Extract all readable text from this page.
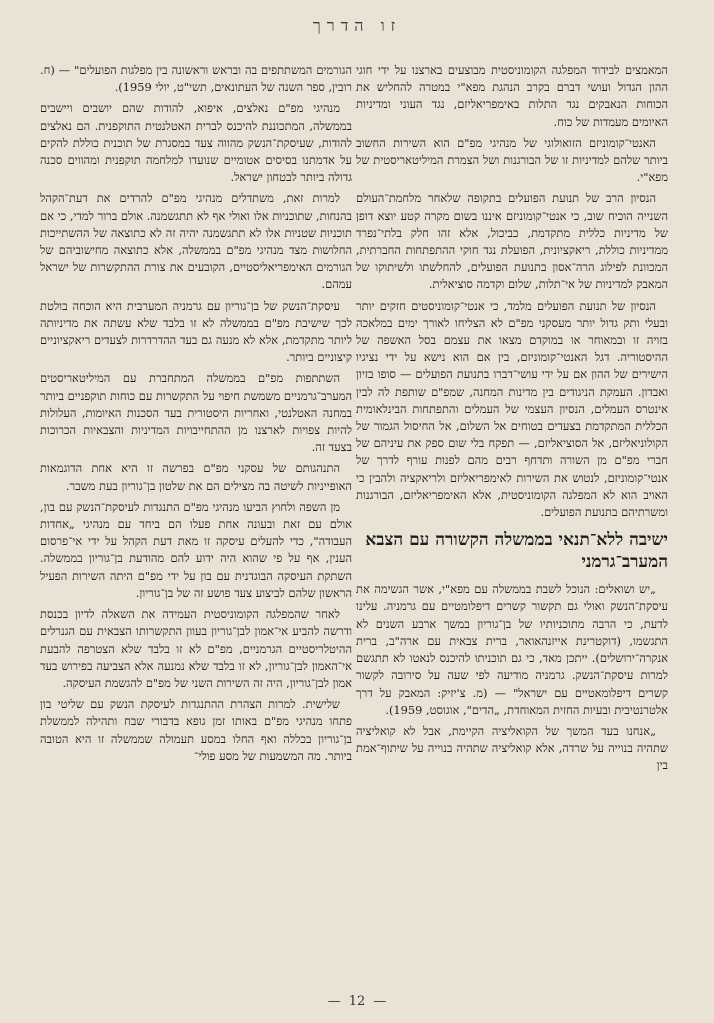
זו הדרך

המאמצים לבידוד המפלגה הקומוניסטית מבוצעים בארצנו על ידי חוגי ההון הגדול ועושי דברם בקרב הנהגת מפא"י במטרה להחליש את הכוחות הנאבקים נגד התלות באימפריאליזם, נגד העוני ומדיניות האיומים מעמדות של כוח.

האנטי־קומוניזם הזואולוגי של מנהיגי מפ"ם הוא השירות החשוב ביותר שלהם למדיניות זו של הבורגנות ושל הצמרת המיליטאריסטית של מפא"י.

הנסיון הרב של תנועת הפועלים בתקופה שלאחר מלחמת־העולם השנייה הוכיח שוב, כי אנטי־קומוניזם איננו בשום מקרה קטע יוצא דופן של מדיניות כללית מתקדמת, כביכול, אלא זהו חלק בלתי־נפרד ממדיניות כוללת, ריאקציונית, הפועלת נגד חוקי ההתפתחות החברתית, המכוונת לפילוג הרה־אסון בתנועת הפועלים, להחלשתו ולשיתוקו של המאבק למדיניות של אי־תלות, שלום וקדמה סוציאלית.

הנסיון של תנועת הפועלים מלמד, כי אנטי־קומוניסטים חזקים יותר ובעלי ותק גדול יותר מעסקני מפ"ם לא הצליחו לאורך ימים במלאכה בזויה זו ובמאוחר או במוקדם מצאו את עצמם בסל האשפה של ההיסטוריה. דגל האנטי־קומוניזם, בין אם הוא נישא על ידי נציגיו הישירים של ההון אם על ידי עושי־דברו בתנועת הפועלים — סופו בזיון ואבדון. העמקת הניגודים בין מדינות המחנה, שמפ"ם שותפת לה לבין אינטרס העמלים, הנסיון העצמי של העמלים והתפתחות הבינלאומית הכללית המתקדמת בצעדים בטוחים אל השלום, אל החיסול הגמור של הקולוניאליזם, אל הסוציאליזם, — תפקח בלי שום ספק את עיניהם של חברי מפ"ם מן השורה ותדחף רבים מהם לפנות עורף לדרך של אנטי־קומוניזם, לנטוש את השירות לאימפריאליזם ולריאקציה ולהבין כי האויב הוא לא המפלגה הקומוניסטית, אלא האימפריאליזם, הבורגנות ומשרתיהם בתנועת הפועלים.

ישיבה ללא־תנאי בממשלה הקשורה עם הצבא המערב־גרמני

„יש ושואלים: הנוכל לשבת בממשלה עם מפא"י, אשר הגשימה את עיסקת־הנשק ואולי גם תקשור קשרים דיפלומטיים עם גרמניה. עלינו לדעת, כי הרבה מתוכניותיו של בן־גוריון במשך ארבע השנים לא התגשמו, (דוקטרינת אייזנהאואר, ברית צבאית עם ארה"ב, ברית אנקרה־ירושלים). ייתכן מאד, כי גם תוכניתו להיכנס לנאטו לא תתגשם למרות עיסקת־הנשק. גרמניה מודיעה לפי שעה על סירובה לקשור קשרים דיפלומאטיים עם ישראל" — (מ. צ'יזיק: המאבק על דרך אלטרנטיבית ובעיות החזית המאוחדת, „הדים", אוגוסט, 1959).

„אנחנו בעד המשך של הקואליציה הקיימת, אבל לא קואליציה שתהיה בנוייה על שרדה, אלא קואליציה שתהיה בנוייה על שיתוף־אמת בין

הגורמים המשתתפים בה ובראש וראשונה בין מפלגות הפועלים" — (ח. רובין, ספר השנה של העתונאים, תשי"ט, יולי 1959).

מנהיגי מפ"ם נאלצים, איפוא, להודות שהם יושבים ויישבים בממשלה, המתכוננת להיכנס לברית האטלנטית התוקפנית. הם נאלצים להודות, שעיסקת־הנשק מהווה צעד במסגרת של תוכנית כוללת להקים על אדמתנו בסיסים אטומיים שנועדו למלחמה תוקפנית ומהווים סכנה גדולה ביותר לבטחון ישראל.

למרות זאת, משתדלים מנהיגי מפ"ם להרדים את דעת־הקהל בהנחות, שתוכניות אלו ואולי אף לא תתגשמנה. אולם ברור למדי, כי אם תוכניות שטניות אלו לא תתגשמנה יהיה זה לא כתוצאה של ההשתייכות החלושות מצד מנהיגי מפ"ם בממשלה, אלא כתוצאה מחישוביהם של הגורמים האימפריאליסטיים, הקובעים את צורת ההתקשרות של ישראל עמהם.

עיסקת־הנשק של בן־גוריון עם גרמניה המערבית היא הוכחה בולטת לכך שישיבת מפ"ם בממשלה לא זו בלבד שלא עשתה את מדיניותה ליותר מתקדמת, אלא לא מנעה גם בעד ההדרדרות לצעדים ריאקציוניים קיצוניים ביותר.

השתתפות מפ"ם בממשלה המתחברת עם המיליטאריסטים המערב־גרמניים משמשת חיפוי על התקשרות עם כוחות תוקפניים ביותר במחנה האטלנטי, ואחריות היסטורית בעד הסכנות האיומות, העלולות להיות צפויות לארצנו מן ההתחייבויות המדיניות והצבאיות הכרוכות בצעד זה.

התנהגותם של עסקני מפ"ם בפרשה זו היא אחת הדוגמאות האופייניות לשיטה בה מצילים הם את שלטון בן־גוריון בעת משבר.

מן השפה ולחוץ הביעו מנהיגי מפ"ם התנגדות לעיסקת־הנשק עם בון, אולם עם זאת ובעונה אחת פעלו הם ביחד עם מנהיגי „אחדות העבודה", כדי להעלים עיסקה זו מאת דעת הקהל על ידי אי־פרסום הענין, אף על פי שהוא היה ידוע להם מהודעת בן־גוריון בממשלה. השתקת העיסקה הבוגדנית עם בון על ידי מפ"ם היתה השירות הפעיל הראשון שלהם לביצוע צעד פושע זה של בן־גוריון.

לאחר שהמפלגה הקומוניסטית העמידה את השאלה לדיון בכנסת ודרשה להביע אי־אמון לבן־גוריון בעוון התקשרותו הצבאית עם הגנרלים ההיטלריסטיים הגרמניים, מפ"ם לא זו בלבד שלא הצטרפה להבעת אי־האמון לבן־גוריון, לא זו בלבד שלא נמנעה אלא הצביעה בפירוש בעד אמון לבן־גוריון, היה זה השירות השני של מפ"ם להגשמת העיסקה.

שלישית. למרות הצהרת ההתנגדות לעיסקת הנשק עם שליטי בון פתחו מנהיגי מפ"ם באותו זמן גופא בדבורי שבח ותהילה לממשלת בן־גוריון בכללה ואף החלו במסע תעמולה שממשלה זו היא הטובה ביותר. מה המשמעות של מסע פולי־

—12—
